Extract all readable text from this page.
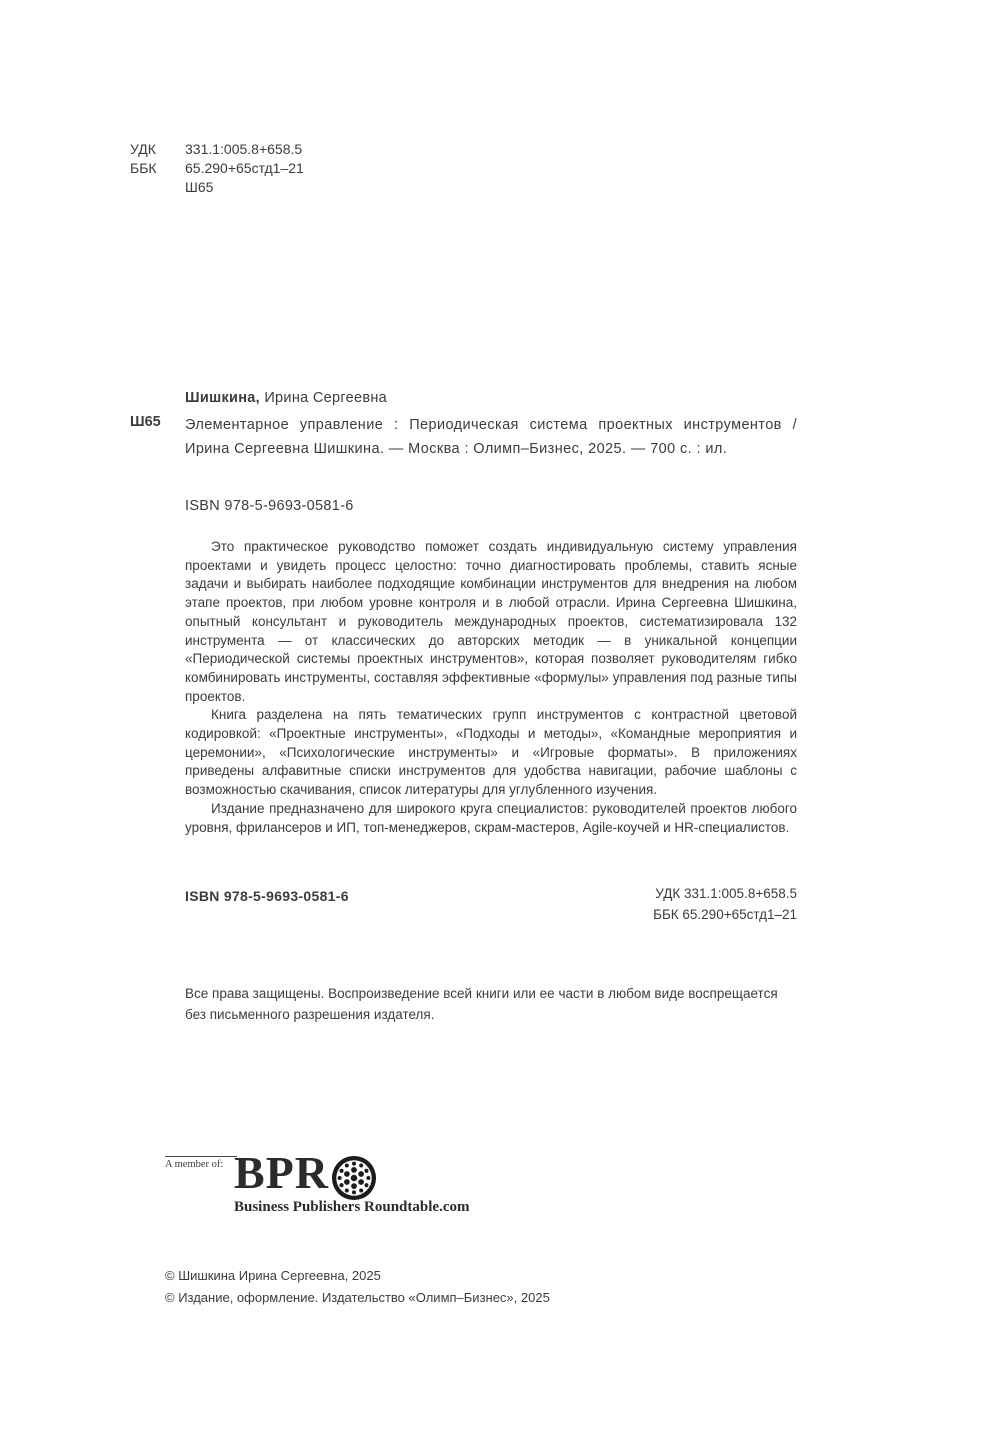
УДК	331.1:005.8+658.5
ББК	65.290+65стд1–21
Ш65
Шишкина, Ирина Сергеевна
Ш65 Элементарное управление : Периодическая система проектных инструментов / Ирина Сергеевна Шишкина. — Москва : Олимп–Бизнес, 2025. — 700 с. : ил.
ISBN 978-5-9693-0581-6

Это практическое руководство поможет создать индивидуальную систему управления проектами и увидеть процесс целостно: точно диагностировать проблемы, ставить ясные задачи и выбирать наиболее подходящие комбинации инструментов для внедрения на любом этапе проектов, при любом уровне контроля и в любой отрасли. Ирина Сергеевна Шишкина, опытный консультант и руководитель международных проектов, систематизировала 132 инструмента — от классических до авторских методик — в уникальной концепции «Периодической системы проектных инструментов», которая позволяет руководителям гибко комбинировать инструменты, составляя эффективные «формулы» управления под разные типы проектов.

Книга разделена на пять тематических групп инструментов с контрастной цветовой кодировкой: «Проектные инструменты», «Подходы и методы», «Командные мероприятия и церемонии», «Психологические инструменты» и «Игровые форматы». В приложениях приведены алфавитные списки инструментов для удобства навигации, рабочие шаблоны с возможностью скачивания, список литературы для углубленного изучения.

Издание предназначено для широкого круга специалистов: руководителей проектов любого уровня, фрилансеров и ИП, топ-менеджеров, скрам-мастеров, Agile-коучей и HR-специалистов.

ISBN 978-5-9693-0581-6	УДК 331.1:005.8+658.5
ББК 65.290+65стд1–21
Все права защищены. Воспроизведение всей книги или ее части в любом виде воспрещается без письменного разрешения издателя.
A member of: BPR
Business Publishers Roundtable.com
© Шишкина Ирина Сергеевна, 2025
© Издание, оформление. Издательство «Олимп–Бизнес», 2025
